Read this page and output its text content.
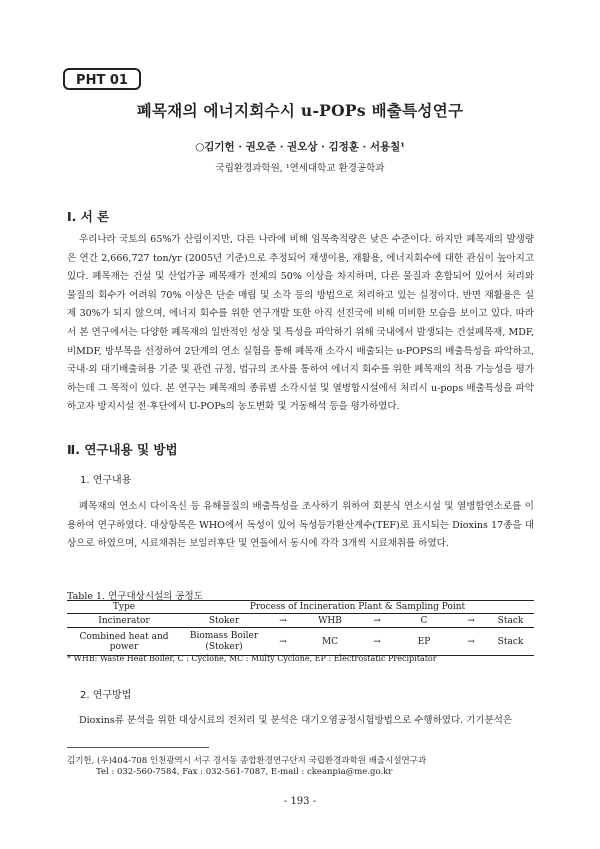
PHT 01
폐목재의 에너지회수시 u-POPs 배출특성연구
○김기헌 · 권오준 · 권오상 · 김정훈 · 서용칠¹
국립환경과학원, ¹연세대학교 환경공학과
Ⅰ. 서 론

우리나라 국토의 65%가 산림이지만, 다른 나라에 비해 임목축적량은 낮은 수준이다. 하지만 폐목재의 발생량은 연간 2,666,727 ton/yr (2005년 기준)으로 추정되어 재생이용, 재활용, 에너지회수에 대한 관심이 높아지고 있다. 폐목재는 건설 및 산업가공 폐목재가 전체의 50% 이상을 차지하며, 다른 물질과 혼합되어 있어서 처리와 물질의 회수가 어려워 70% 이상은 단순 매립 및 소각 등의 방법으로 처리하고 있는 실정이다. 반면 재활용은 실제 30%가 되지 않으며, 에너지 회수를 위한 연구개발 또한 아직 선진국에 비해 미비한 모습을 보이고 있다. 따라서 본 연구에서는 다양한 폐목재의 일반적인 성상 및 특성을 파악하기 위해 국내에서 발생되는 건설폐목재, MDF, 비MDF, 방부목을 선정하여 2단계의 연소 실험을 통해 폐목재 소각시 배출되는 u-POPS의 배출특성을 파악하고, 국내·외 대기배출허용 기준 및 관련 규정, 법규의 조사를 통하여 에너지 회수를 위한 폐목재의 적용 가능성을 평가하는데 그 목적이 있다. 본 연구는 폐목재의 종류별 소각시설 및 열병합시설에서 처리시 u-pops 배출특성을 파악하고자 방지시설 전·후단에서 U-POPs의 농도변화 및 거동해석 등을 평가하였다.

Ⅱ. 연구내용 및 방법
1. 연구내용

폐목재의 연소시 다이옥신 등 유해물질의 배출특성을 조사하기 위하여 회분식 연소시설 및 열병합연소로를 이용하여 연구하였다. 대상항목은 WHO에서 독성이 있어 독성등가환산계수(TEF)로 표시되는 Dioxins 17종을 대상으로 하였으며, 시료채취는 보일러후단 및 연돌에서 동시에 각각 3개씩 시료채취를 하였다.

Table 1. 연구대상시설의 공정도
Type	Process of Incineration Plant & Sampling Point						
Incinerator	Stoker	→	WHB	→	C	→	Stack
Combined heat and power	Biomass Boiler (Stoker)	→	MC	→	EP	→	Stack
* WHB: Waste Heat Boiler, C : Cyclone, MC : Multy Cyclone, EP : Electrostatic Precipitator
2. 연구방법

Dioxins류 분석을 위한 대상시료의 전처리 및 분석은 대기오염공정시험방법으로 수행하였다. 기기분석은

김기헌, (우)404-708 인천광역시 서구 경서동 종합환경연구단지 국립환경과학원 배출시설연구과
Tel : 032-560-7584, Fax : 032-561-7087, E-mail : ckeanpia@me.go.kr
- 193 -
